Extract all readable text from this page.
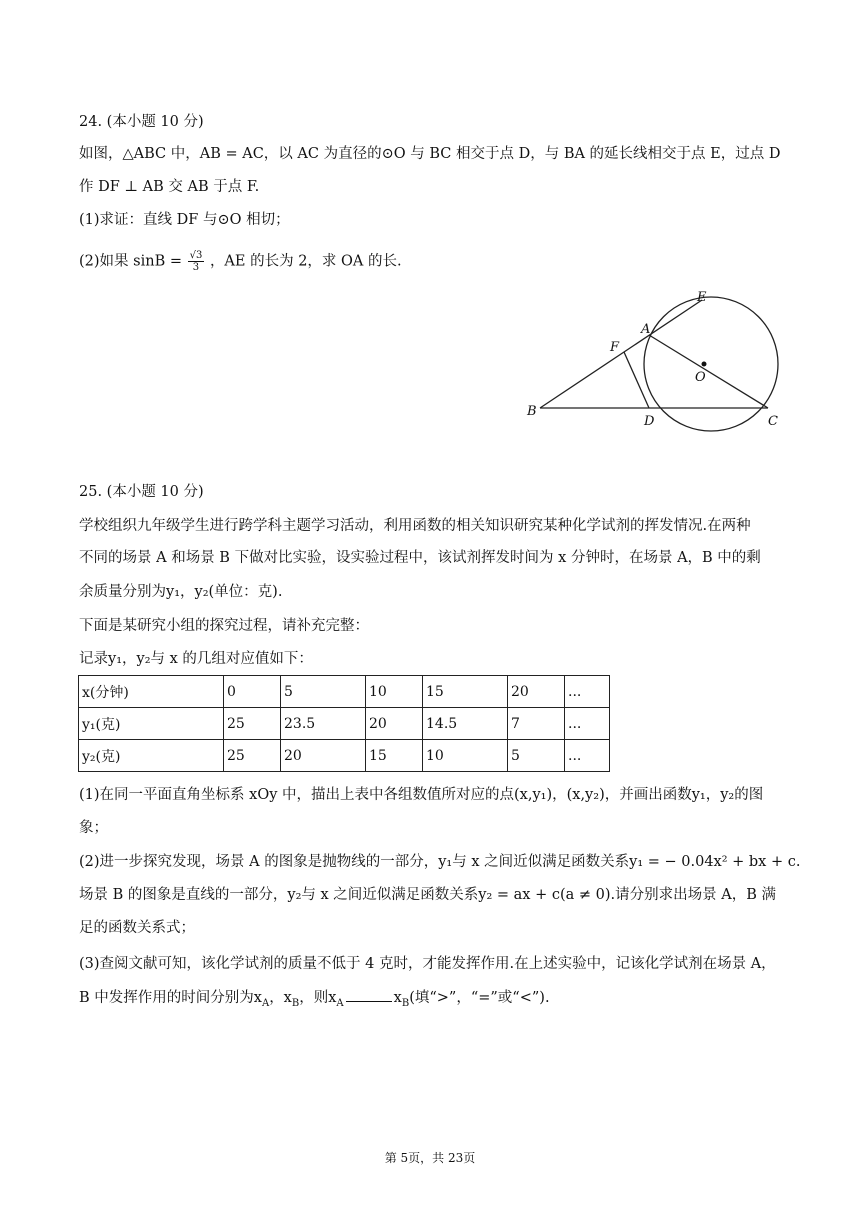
24. (本小题 10 分)
如图，△ABC 中，AB = AC，以 AC 为直径的⊙O 与 BC 相交于点 D，与 BA 的延长线相交于点 E，过点 D
作 DF ⊥ AB 交 AB 于点 F.
(1)求证：直线 DF 与⊙O 相切；
(2)如果 $\sin B = \frac{√3}{3}$ ，AE 的长为 2，求 OA 的长.
E
A
F
O
B
D	C
25. (本小题 10 分)
学校组织九年级学生进行跨学科主题学习活动，利用函数的相关知识研究某种化学试剂的挥发情况.在两种
不同的场景 A 和场景 B 下做对比实验，设实验过程中，该试剂挥发时间为 x 分钟时，在场景 A，B 中的剩
余质量分别为y₁，y₂(单位：克).
下面是某研究小组的探究过程，请补充完整：
记录y₁，y₂与 x 的几组对应值如下：
x(分钟)	0	5	10	15	20	...
y₁(克)	25	23.5	20	14.5	7	...
y₂(克)	25	20	15	10	5	...
(1)在同一平面直角坐标系 xOy 中，描出上表中各组数值所对应的点(x,y₁)，(x,y₂)，并画出函数y₁，y₂的图
象；
(2)进一步探究发现，场景 A 的图象是抛物线的一部分，y₁与 x 之间近似满足函数关系y₁ = − 0.04x² + bx + c.
场景 B 的图象是直线的一部分，y₂与 x 之间近似满足函数关系y₂ = ax + c(a ≠ 0).请分别求出场景 A，B 满
足的函数关系式；
(3)查阅文献可知，该化学试剂的质量不低于 4 克时，才能发挥作用.在上述实验中，记该化学试剂在场景 A，
B 中发挥作用的时间分别为$x_A$，$x_B$，则$x_A$	$x_B$(填“>”，“=”或“<”).
第 5页，共 23页
